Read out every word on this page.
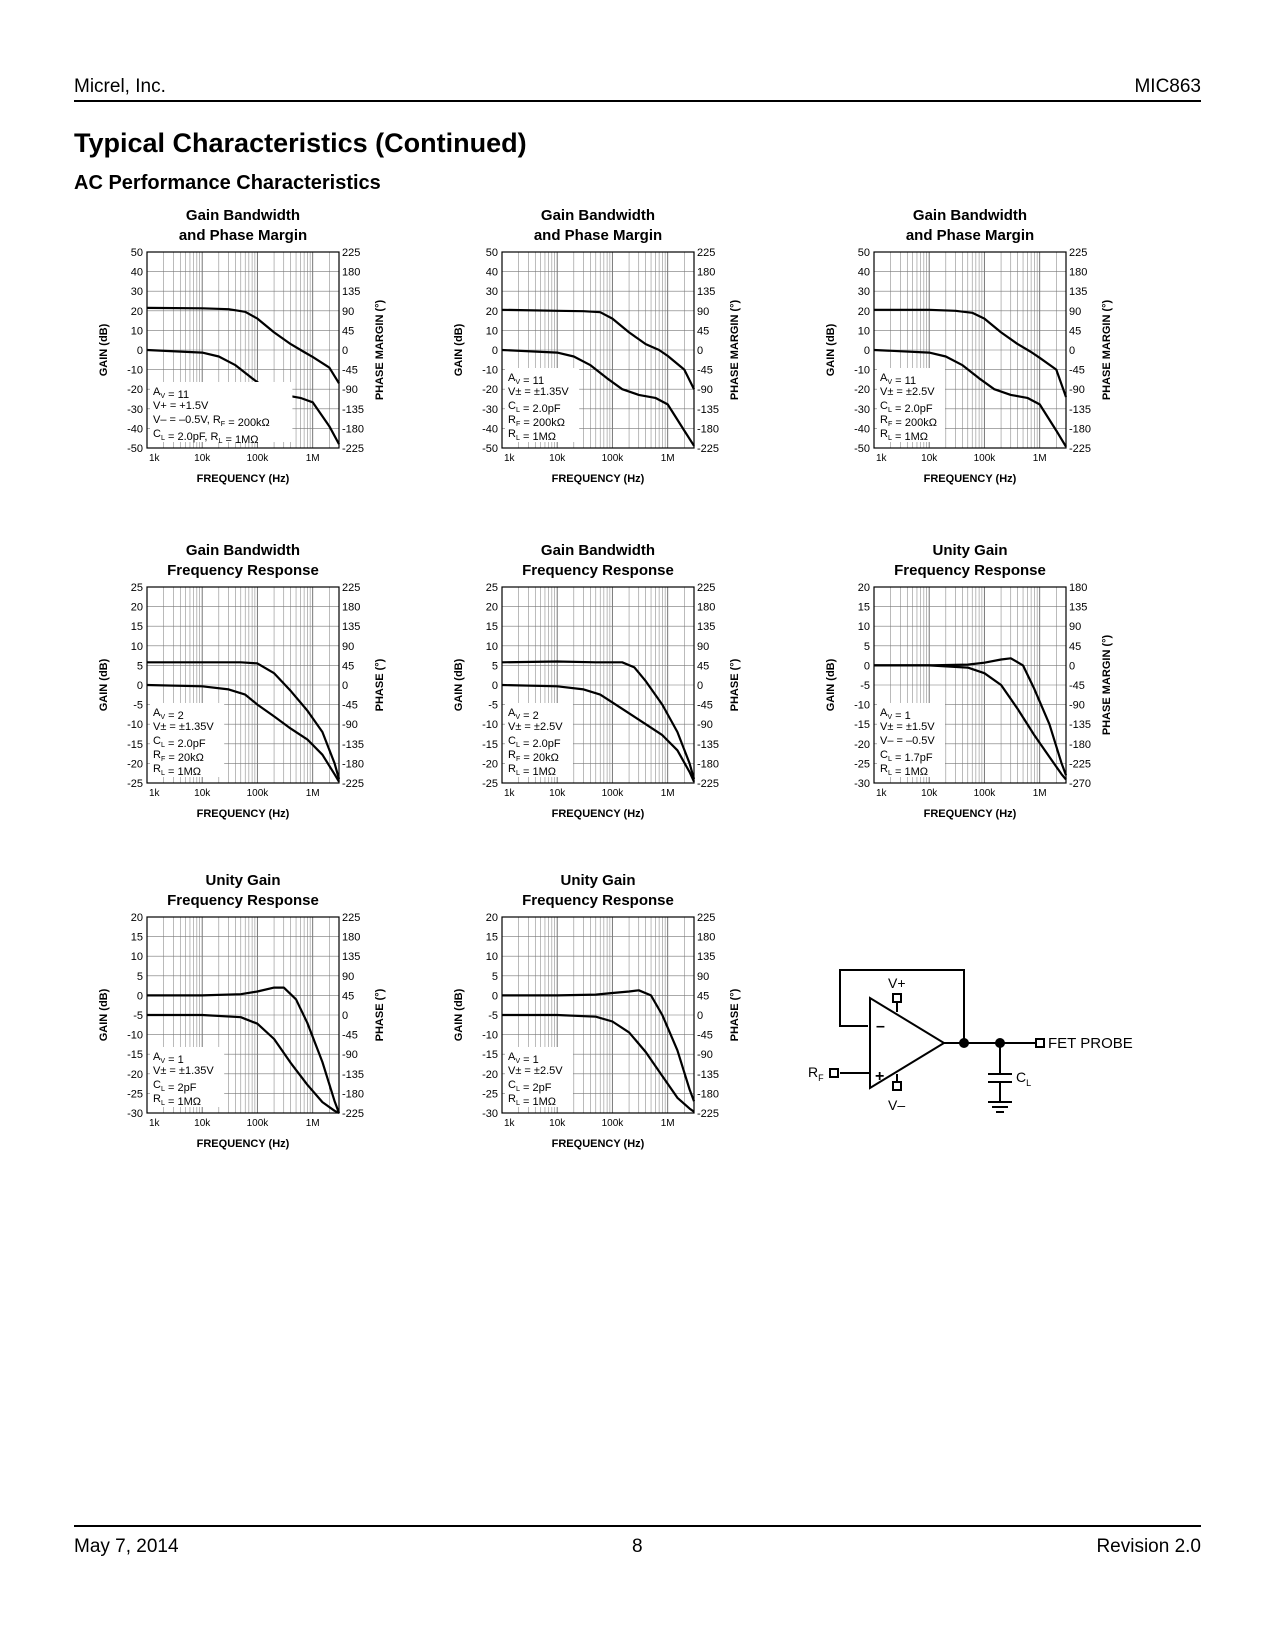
Micrel, Inc.	MIC863
Typical Characteristics (Continued)
AC Performance Characteristics
Gain Bandwidth
and Phase Margin
50
40
30
20
10
0
-10
-20
-30
-40
-50
225
180
135
90
45
0
-45
-90
-135
-180
-225
1k	10k	100k	1M
FREQUENCY (Hz)
GAIN (dB)	PHASE MARGIN (°)
$A_V = 11$
V+ = +1.5V
V– = –0.5V, $R_F = 200k\Omega$
$C_L = 2.0pF$, $R_L = 1M\Omega$
Gain Bandwidth
and Phase Margin
50
40
30
20
10
0
-10
-20
-30
-40
-50
225
180
135
90
45
0
-45
-90
-135
-180
-225
1k	10k	100k	1M
FREQUENCY (Hz)
GAIN (dB)	PHASE MARGIN (°)
$A_V = 11$
V± = ±1.35V
$C_L = 2.0pF$
$R_F = 200k\Omega$
$R_L = 1M\Omega$
Gain Bandwidth
and Phase Margin
50
40
30
20
10
0
-10
-20
-30
-40
-50
225
180
135
90
45
0
-45
-90
-135
-180
-225
1k	10k	100k	1M
FREQUENCY (Hz)
GAIN (dB)	PHASE MARGIN (°)
$A_V = 11$
V± = ±2.5V
$C_L = 2.0pF$
$R_F = 200k\Omega$
$R_L = 1M\Omega$
Gain Bandwidth
Frequency Response
25
20
15
10
5
0
-5
-10
-15
-20
-25
225
180
135
90
45
0
-45
-90
-135
-180
-225
1k	10k	100k	1M
FREQUENCY (Hz)
GAIN (dB)	PHASE (°)
$A_V = 2$
V± = ±1.35V
$C_L = 2.0pF$
$R_F = 20k\Omega$
$R_L = 1M\Omega$
Gain Bandwidth
Frequency Response
25
20
15
10
5
0
-5
-10
-15
-20
-25
225
180
135
90
45
0
-45
-90
-135
-180
-225
1k	10k	100k	1M
FREQUENCY (Hz)
GAIN (dB)	PHASE (°)
$A_V = 2$
V± = ±2.5V
$C_L = 2.0pF$
$R_F = 20k\Omega$
$R_L = 1M\Omega$
Unity Gain
Frequency Response
20
15
10
5
0
-5
-10
-15
-20
-25
-30
180
135
90
45
0
-45
-90
-135
-180
-225
-270
1k	10k	100k	1M
FREQUENCY (Hz)
GAIN (dB)	PHASE MARGIN (°)
$A_V = 1$
V± = ±1.5V
V– = –0.5V
$C_L = 1.7pF$
$R_L = 1M\Omega$
Unity Gain
Frequency Response
20
15
10
5
0
-5
-10
-15
-20
-25
-30
225
180
135
90
45
0
-45
-90
-135
-180
-225
1k	10k	100k	1M
FREQUENCY (Hz)
GAIN (dB)	PHASE (°)
$A_V = 1$
V± = ±1.35V
$C_L = 2pF$
$R_L = 1M\Omega$
Unity Gain
Frequency Response
20
15
10
5
0
-5
-10
-15
-20
-25
-30
225
180
135
90
45
0
-45
-90
-135
-180
-225
1k	10k	100k	1M
FREQUENCY (Hz)
GAIN (dB)	PHASE (°)
$A_V = 1$
V± = ±2.5V
$C_L = 2pF$
$R_L = 1M\Omega$
–
+
V+
V–
$R_F$	$C_L$
FET PROBE
May 7, 2014	8	Revision 2.0
